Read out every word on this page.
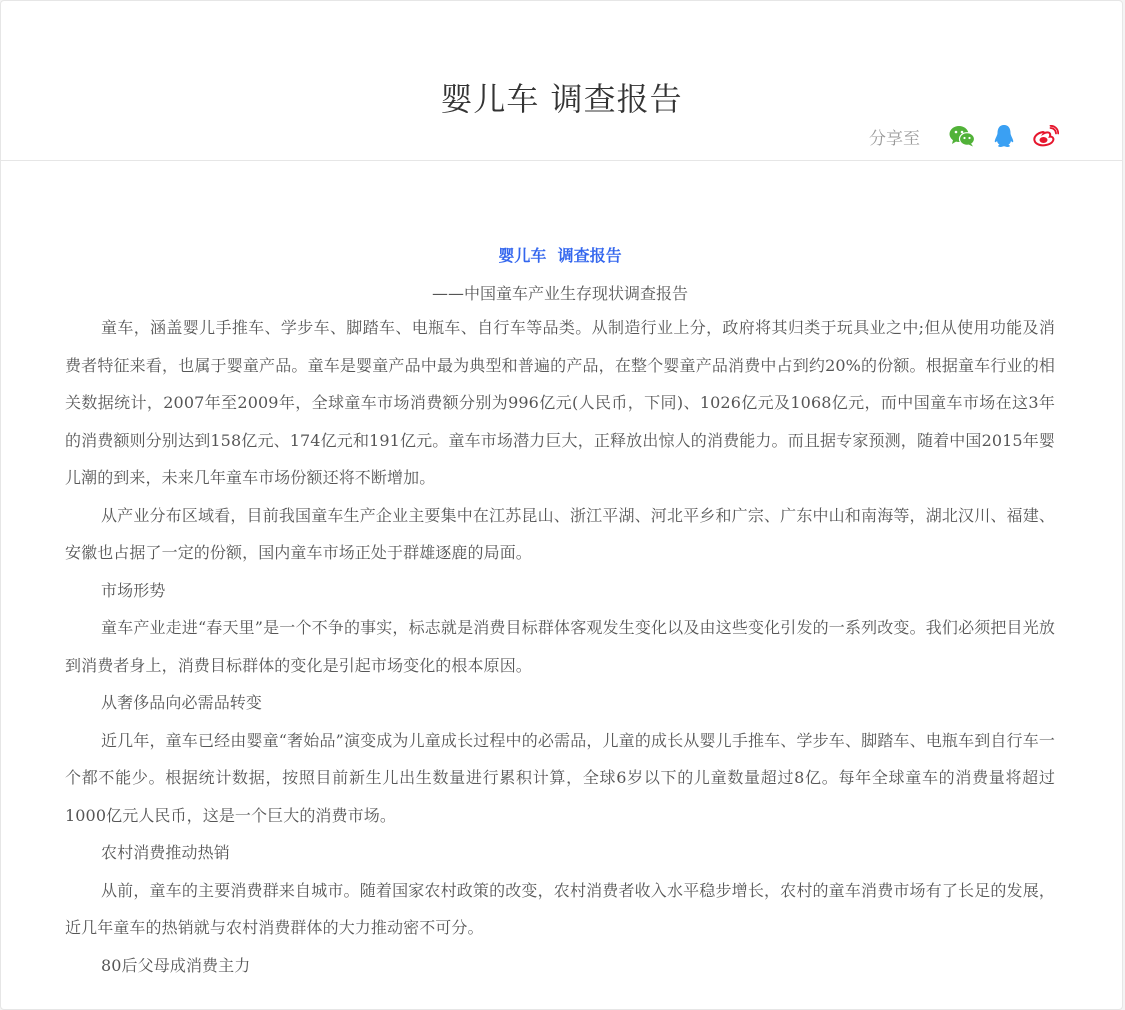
婴儿车 调查报告
分享至
婴儿车  调查报告
——中国童车产业生存现状调查报告

童车，涵盖婴儿手推车、学步车、脚踏车、电瓶车、自行车等品类。从制造行业上分，政府将其归类于玩具业之中;但从使用功能及消费者特征来看，也属于婴童产品。童车是婴童产品中最为典型和普遍的产品，在整个婴童产品消费中占到约20%的份额。根据童车行业的相关数据统计，2007年至2009年，全球童车市场消费额分别为996亿元(人民币，下同)、1026亿元及1068亿元，而中国童车市场在这3年的消费额则分别达到158亿元、174亿元和191亿元。童车市场潜力巨大，正释放出惊人的消费能力。而且据专家预测，随着中国2015年婴儿潮的到来，未来几年童车市场份额还将不断增加。

从产业分布区域看，目前我国童车生产企业主要集中在江苏昆山、浙江平湖、河北平乡和广宗、广东中山和南海等，湖北汉川、福建、安徽也占据了一定的份额，国内童车市场正处于群雄逐鹿的局面。

市场形势

童车产业走进“春天里”是一个不争的事实，标志就是消费目标群体客观发生变化以及由这些变化引发的一系列改变。我们必须把目光放到消费者身上，消费目标群体的变化是引起市场变化的根本原因。

从奢侈品向必需品转变

近几年，童车已经由婴童“奢始品”演变成为儿童成长过程中的必需品，儿童的成长从婴儿手推车、学步车、脚踏车、电瓶车到自行车一个都不能少。根据统计数据，按照目前新生儿出生数量进行累积计算，全球6岁以下的儿童数量超过8亿。每年全球童车的消费量将超过1000亿元人民币，这是一个巨大的消费市场。

农村消费推动热销

从前，童车的主要消费群来自城市。随着国家农村政策的改变，农村消费者收入水平稳步增长，农村的童车消费市场有了长足的发展，近几年童车的热销就与农村消费群体的大力推动密不可分。

80后父母成消费主力
